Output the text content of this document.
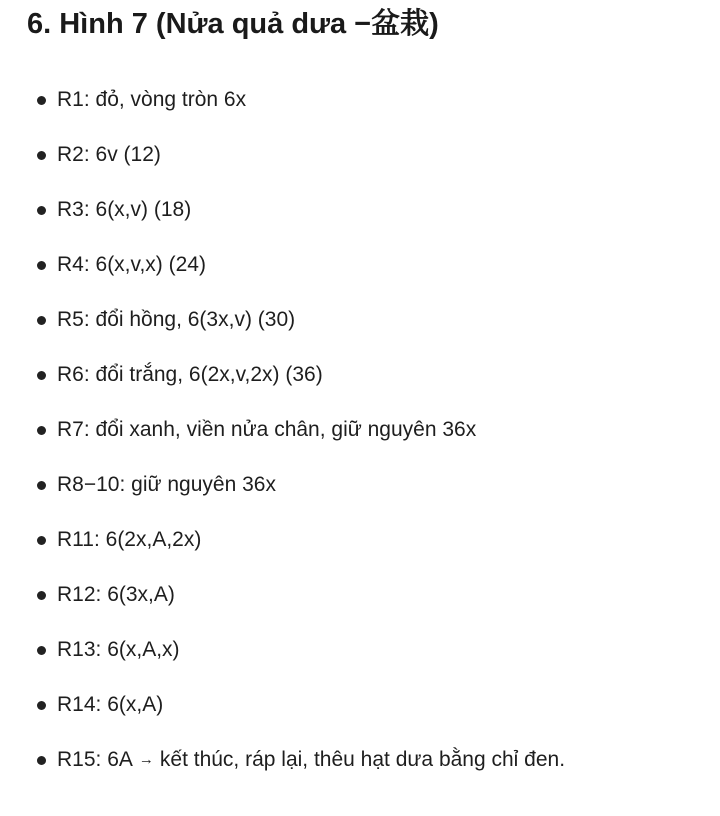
6. Hình 7 (Nửa quả dưa −盆栽)
R1: đỏ, vòng tròn 6x
R2: 6v (12)
R3: 6(x,v) (18)
R4: 6(x,v,x) (24)
R5: đổi hồng, 6(3x,v) (30)
R6: đổi trắng, 6(2x,v,2x) (36)
R7: đổi xanh, viền nửa chân, giữ nguyên 36x
R8−10: giữ nguyên 36x
R11: 6(2x,A,2x)
R12: 6(3x,A)
R13: 6(x,A,x)
R14: 6(x,A)
R15: 6A → kết thúc, ráp lại, thêu hạt dưa bằng chỉ đen.
